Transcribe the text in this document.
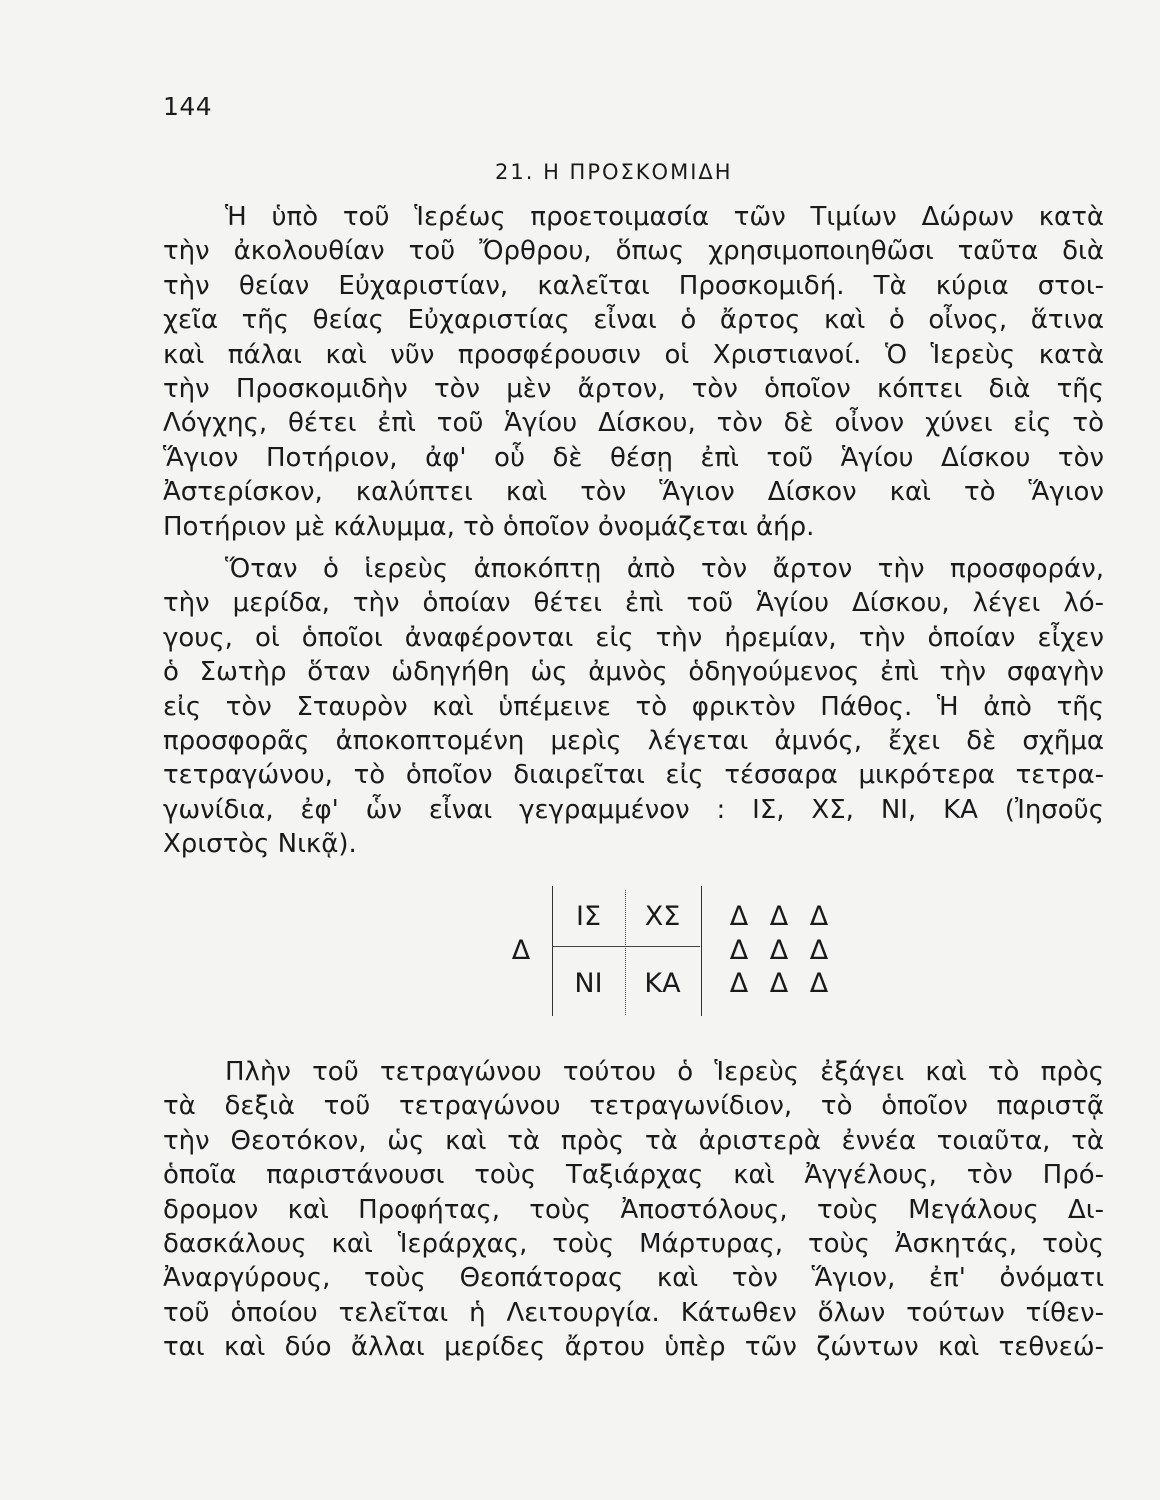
144
21. Η ΠΡΟΣΚΟΜΙΔΗ
Ἡ ὑπὸ τοῦ Ἱερέως προετοιμασία τῶν Τιμίων Δώρων κατὰ
τὴν ἀκολουθίαν τοῦ Ὄρθρου, ὅπως χρησιμοποιηθῶσι ταῦτα διὰ
τὴν θείαν Εὐχαριστίαν, καλεῖται Προσκομιδή. Τὰ κύρια στοι-
χεῖα τῆς θείας Εὐχαριστίας εἶναι ὁ ἄρτος καὶ ὁ οἶνος, ἅτινα
καὶ πάλαι καὶ νῦν προσφέρουσιν οἱ Χριστιανοί. Ὁ Ἱερεὺς κατὰ
τὴν Προσκομιδὴν τὸν μὲν ἄρτον, τὸν ὁποῖον κόπτει διὰ τῆς
Λόγχης, θέτει ἐπὶ τοῦ Ἁγίου Δίσκου, τὸν δὲ οἶνον χύνει εἰς τὸ
Ἅγιον Ποτήριον, ἀφ' οὗ δὲ θέσῃ ἐπὶ τοῦ Ἁγίου Δίσκου τὸν
Ἀστερίσκον, καλύπτει καὶ τὸν Ἅγιον Δίσκον καὶ τὸ Ἅγιον
Ποτήριον μὲ κάλυμμα, τὸ ὁποῖον ὀνομάζεται ἀήρ.
Ὅταν ὁ ἱερεὺς ἀποκόπτῃ ἀπὸ τὸν ἄρτον τὴν προσφοράν,
τὴν μερίδα, τὴν ὁποίαν θέτει ἐπὶ τοῦ Ἁγίου Δίσκου, λέγει λό-
γους, οἱ ὁποῖοι ἀναφέρονται εἰς τὴν ἠρεμίαν, τὴν ὁποίαν εἶχεν
ὁ Σωτὴρ ὅταν ὡδηγήθη ὡς ἀμνὸς ὁδηγούμενος ἐπὶ τὴν σφαγὴν
εἰς τὸν Σταυρὸν καὶ ὑπέμεινε τὸ φρικτὸν Πάθος. Ἡ ἀπὸ τῆς
προσφορᾶς ἀποκοπτομένη μερὶς λέγεται ἀμνός, ἔχει δὲ σχῆμα
τετραγώνου, τὸ ὁποῖον διαιρεῖται εἰς τέσσαρα μικρότερα τετρα-
γωνίδια, ἐφ' ὧν εἶναι γεγραμμένον : ΙΣ, ΧΣ, ΝΙ, ΚΑ (Ἰησοῦς
Χριστὸς Νικᾷ).
Δ
ΙΣ	ΧΣ
ΝΙ	ΚΑ
Δ Δ Δ
Δ Δ Δ
Δ Δ Δ
Πλὴν τοῦ τετραγώνου τούτου ὁ Ἱερεὺς ἐξάγει καὶ τὸ πρὸς
τὰ δεξιὰ τοῦ τετραγώνου τετραγωνίδιον, τὸ ὁποῖον παριστᾷ
τὴν Θεοτόκον, ὡς καὶ τὰ πρὸς τὰ ἀριστερὰ ἐννέα τοιαῦτα, τὰ
ὁποῖα παριστάνουσι τοὺς Ταξιάρχας καὶ Ἀγγέλους, τὸν Πρό-
δρομον καὶ Προφήτας, τοὺς Ἀποστόλους, τοὺς Μεγάλους Δι-
δασκάλους καὶ Ἱεράρχας, τοὺς Μάρτυρας, τοὺς Ἀσκητάς, τοὺς
Ἀναργύρους, τοὺς Θεοπάτορας καὶ τὸν Ἅγιον, ἐπ' ὀνόματι
τοῦ ὁποίου τελεῖται ἡ Λειτουργία. Κάτωθεν ὅλων τούτων τίθεν-
ται καὶ δύο ἄλλαι μερίδες ἄρτου ὑπὲρ τῶν ζώντων καὶ τεθνεώ-
